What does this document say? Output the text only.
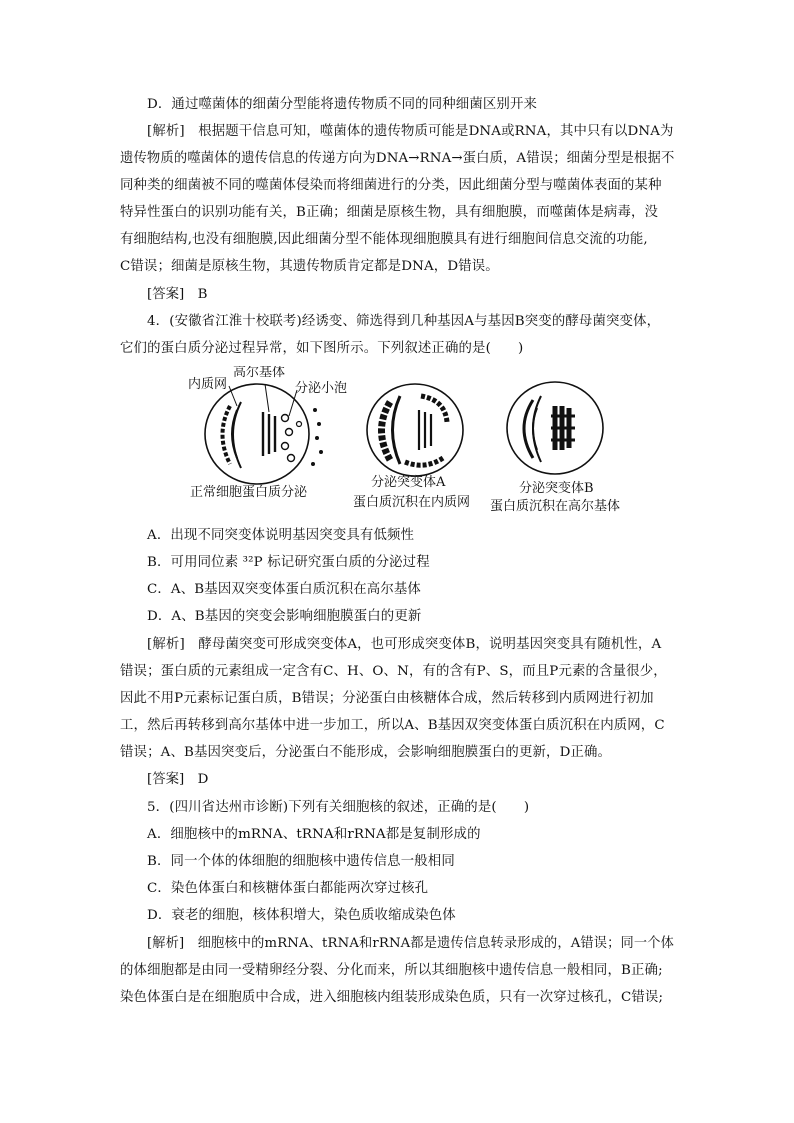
D．通过噬菌体的细菌分型能将遗传物质不同的同种细菌区别开来
[解析]　根据题干信息可知，噬菌体的遗传物质可能是DNA或RNA，其中只有以DNA为
遗传物质的噬菌体的遗传信息的传递方向为DNA→RNA→蛋白质，A错误；细菌分型是根据不
同种类的细菌被不同的噬菌体侵染而将细菌进行的分类，因此细菌分型与噬菌体表面的某种
特异性蛋白的识别功能有关，B正确；细菌是原核生物，具有细胞膜，而噬菌体是病毒，没
有细胞结构,也没有细胞膜,因此细菌分型不能体现细胞膜具有进行细胞间信息交流的功能,
C错误；细菌是原核生物，其遗传物质肯定都是DNA，D错误。
[答案]　B
4．(安徽省江淮十校联考)经诱变、筛选得到几种基因A与基因B突变的酵母菌突变体，
它们的蛋白质分泌过程异常，如下图所示。下列叙述正确的是(　　)
内质网
高尔基体
分泌小泡
正常细胞蛋白质分泌
分泌突变体A
蛋白质沉积在内质网
分泌突变体B
蛋白质沉积在高尔基体
A．出现不同突变体说明基因突变具有低频性
B．可用同位素 ³²P 标记研究蛋白质的分泌过程
C．A、B基因双突变体蛋白质沉积在高尔基体
D．A、B基因的突变会影响细胞膜蛋白的更新
[解析]　酵母菌突变可形成突变体A，也可形成突变体B，说明基因突变具有随机性，A
错误；蛋白质的元素组成一定含有C、H、O、N，有的含有P、S，而且P元素的含量很少，
因此不用P元素标记蛋白质，B错误；分泌蛋白由核糖体合成，然后转移到内质网进行初加
工，然后再转移到高尔基体中进一步加工，所以A、B基因双突变体蛋白质沉积在内质网，C
错误；A、B基因突变后，分泌蛋白不能形成，会影响细胞膜蛋白的更新，D正确。
[答案]　D
5．(四川省达州市诊断)下列有关细胞核的叙述，正确的是(　　)
A．细胞核中的mRNA、tRNA和rRNA都是复制形成的
B．同一个体的体细胞的细胞核中遗传信息一般相同
C．染色体蛋白和核糖体蛋白都能两次穿过核孔
D．衰老的细胞，核体积增大，染色质收缩成染色体
[解析]　细胞核中的mRNA、tRNA和rRNA都是遗传信息转录形成的，A错误；同一个体
的体细胞都是由同一受精卵经分裂、分化而来，所以其细胞核中遗传信息一般相同，B正确;
染色体蛋白是在细胞质中合成，进入细胞核内组装形成染色质，只有一次穿过核孔，C错误;
